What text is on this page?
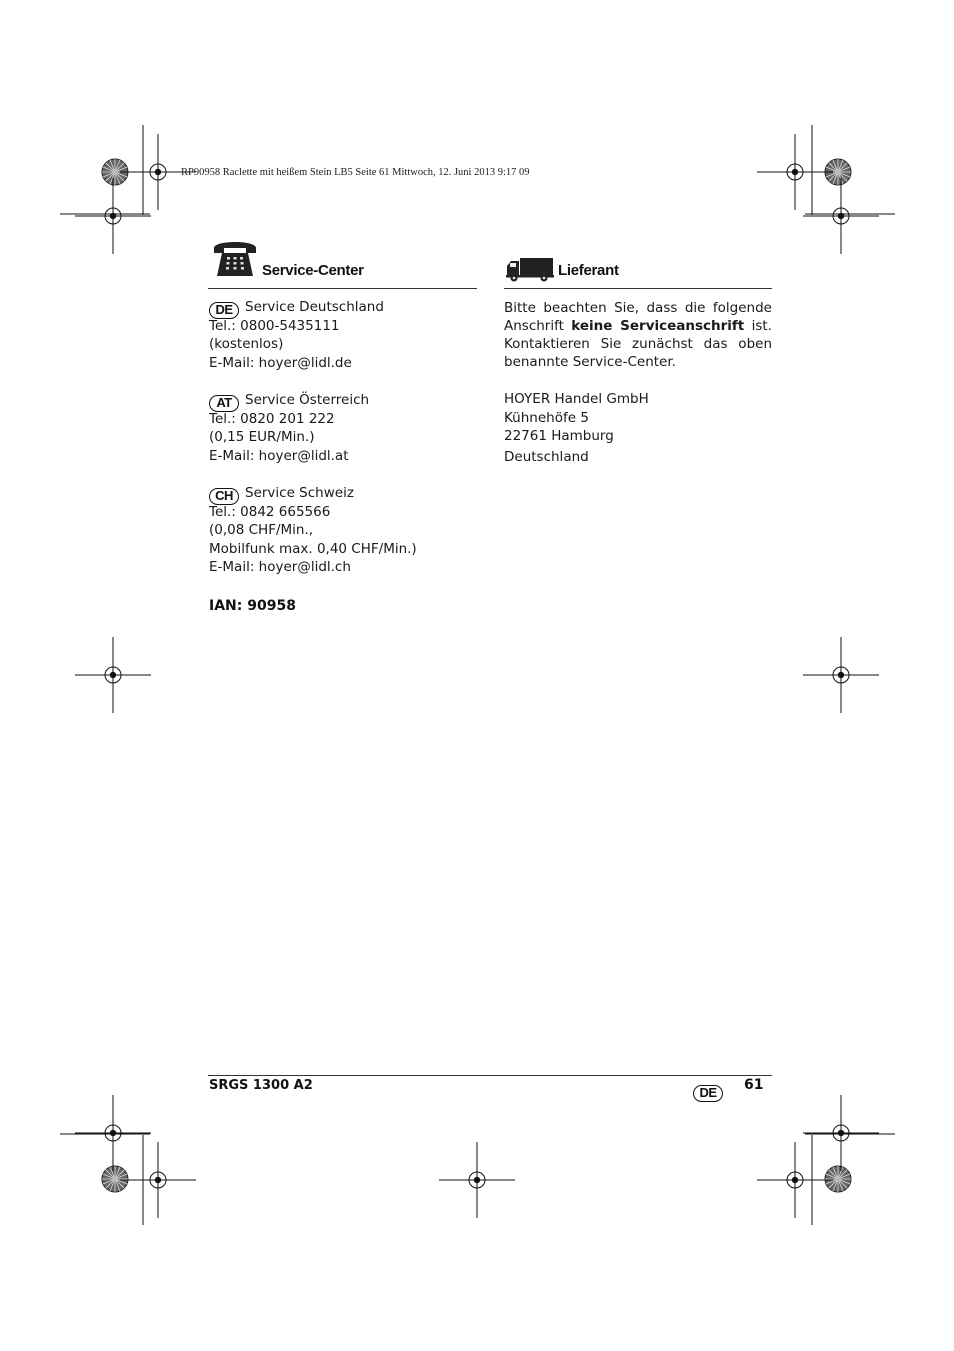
RP90958 Raclette mit heißem Stein LB5 Seite 61 Mittwoch, 12. Juni 2013 9:17 09
Service-Center
DE Service Deutschland
Tel.: 0800-5435111
(kostenlos)
E-Mail: hoyer@lidl.de
AT Service Österreich
Tel.: 0820 201 222
(0,15 EUR/Min.)
E-Mail: hoyer@lidl.at
CH Service Schweiz
Tel.: 0842 665566
(0,08 CHF/Min.,
Mobilfunk max. 0,40 CHF/Min.)
E-Mail: hoyer@lidl.ch
IAN: 90958
Lieferant
Bitte beachten Sie, dass die folgende
Anschrift keine Serviceanschrift ist.
Kontaktieren Sie zunächst das oben
benannte Service-Center.
HOYER Handel GmbH
Kühnehöfe 5
22761 Hamburg
Deutschland
SRGS 1300 A2	DE	61
